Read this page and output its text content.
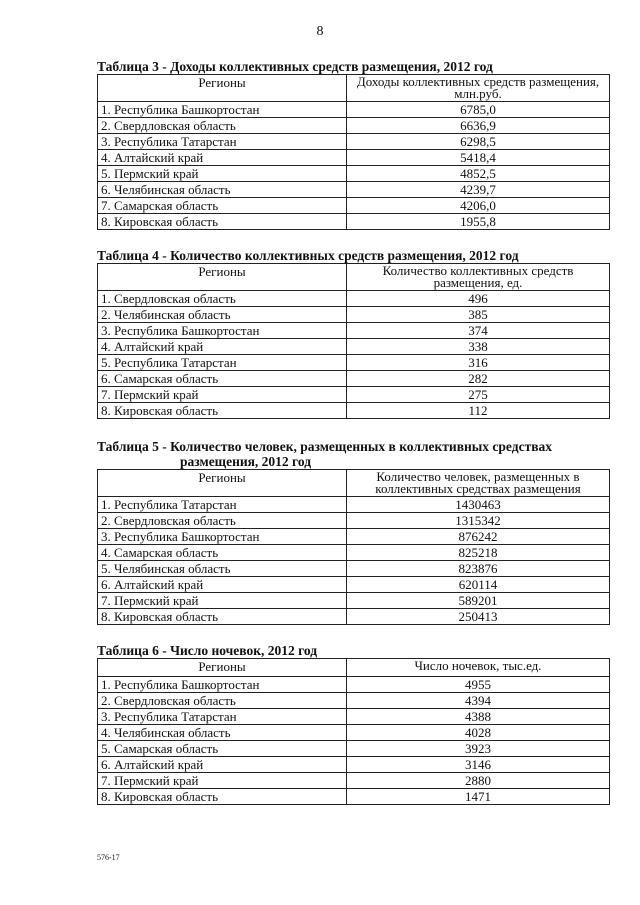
8

Таблица 3 - Доходы коллективных средств размещения, 2012 год

Регионы	Доходы коллективных средств размещения, млн.руб.
1. Республика Башкортостан	6785,0
2. Свердловская область	6636,9
3. Республика Татарстан	6298,5
4. Алтайский край	5418,4
5. Пермский край	4852,5
6. Челябинская область	4239,7
7. Самарская область	4206,0
8. Кировская область	1955,8

Таблица 4 - Количество коллективных средств размещения, 2012 год

Регионы	Количество коллективных средств размещения, ед.
1. Свердловская область	496
2. Челябинская область	385
3. Республика Башкортостан	374
4. Алтайский край	338
5. Республика Татарстан	316
6. Самарская область	282
7. Пермский край	275
8. Кировская область	112

Таблица 5 - Количество человек, размещенных в коллективных средствах
размещения, 2012 год

Регионы	Количество человек, размещенных в коллективных средствах размещения
1. Республика Татарстан	1430463
2. Свердловская область	1315342
3. Республика Башкортостан	876242
4. Самарская область	825218
5. Челябинская область	823876
6. Алтайский край	620114
7. Пермский край	589201
8. Кировская область	250413

Таблица 6 - Число ночевок, 2012 год

Регионы	Число ночевок, тыс.ед.
1. Республика Башкортостан	4955
2. Свердловская область	4394
3. Республика Татарстан	4388
4. Челябинская область	4028
5. Самарская область	3923
6. Алтайский край	3146
7. Пермский край	2880
8. Кировская область	1471
576-17
